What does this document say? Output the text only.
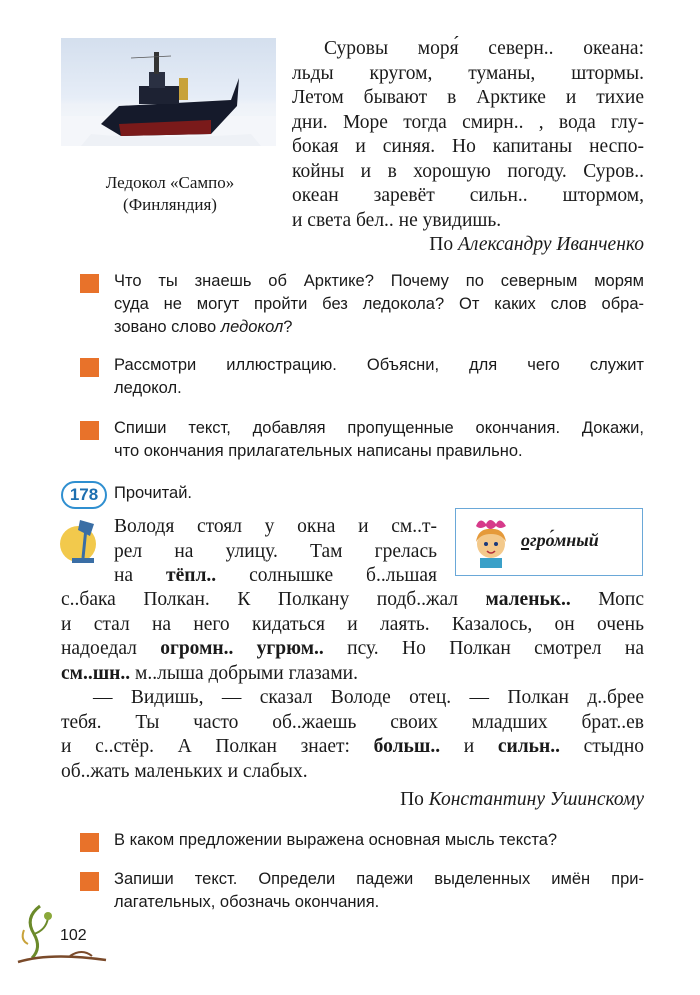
Ледокол «Сампо»
(Финляндия)
Суровы моря́ северн.. океана:
льды кругом, туманы, штормы.
Летом бывают в Арктике и тихие
дни. Море тогда смирн.. , вода глу-
бокая и синяя. Но капитаны неспо-
койны и в хорошую погоду. Суров..
океан заревёт сильн.. штормом,
и света бел.. не увидишь.
По Александру Иванченко
Что ты знаешь об Арктике? Почему по северным морям
суда не могут пройти без ледокола? От каких слов обра-
зовано слово ледокол?
Рассмотри иллюстрацию. Объясни, для чего служит
ледокол.
Спиши текст, добавляя пропущенные окончания. Докажи,
что окончания прилагательных написаны правильно.
178 Прочитай.
огро́мный
Володя стоял у окна и см..т-
рел на улицу. Там грелась
на тёпл.. солнышке б..льшая
с..бака Полкан. К Полкану подб..жал маленьк.. Мопс
и стал на него кидаться и лаять. Казалось, он очень
надоедал огромн.. угрюм.. псу. Но Полкан смотрел на
см..шн.. м..лыша добрыми глазами.
— Видишь, — сказал Володе отец. — Полкан д..брее
тебя. Ты часто об..жаешь своих младших брат..ев
и с..стёр. А Полкан знает: больш.. и сильн.. стыдно
об..жать маленьких и слабых.
По Константину Ушинскому
В каком предложении выражена основная мысль текста?
Запиши текст. Определи падежи выделенных имён при-
лагательных, обозначь окончания.
102
